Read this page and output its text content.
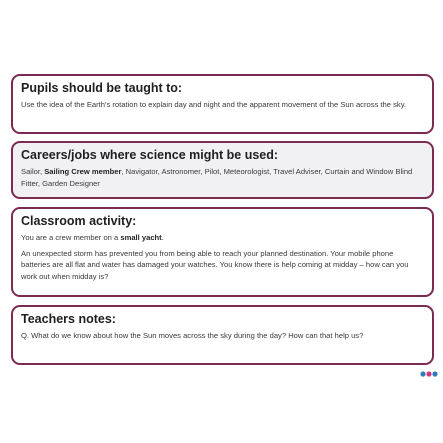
Pupils should be taught to:

Use the idea of the Earth's rotation to explain day and night and the apparent movement of the Sun across the sky.

Careers/jobs where science might be used:

Sailor, Sailing Crew member, Navigator, Astronomer, Pilot, Meteorologist, Travel Adviser, Curtain and Window Blind Fitter, Garden Designer

Classroom activity:

You are a crew member on a small yacht.

An unexpected storm has prevented you from being able to reach your planned destination. Your mobile phone batteries are all flat and water has damaged your watches. You know there is help coming at midday – how can you work out when midday is?

Teachers notes:

Q. What do we know about how the Sun moves across the sky during the day? How can that help us?
